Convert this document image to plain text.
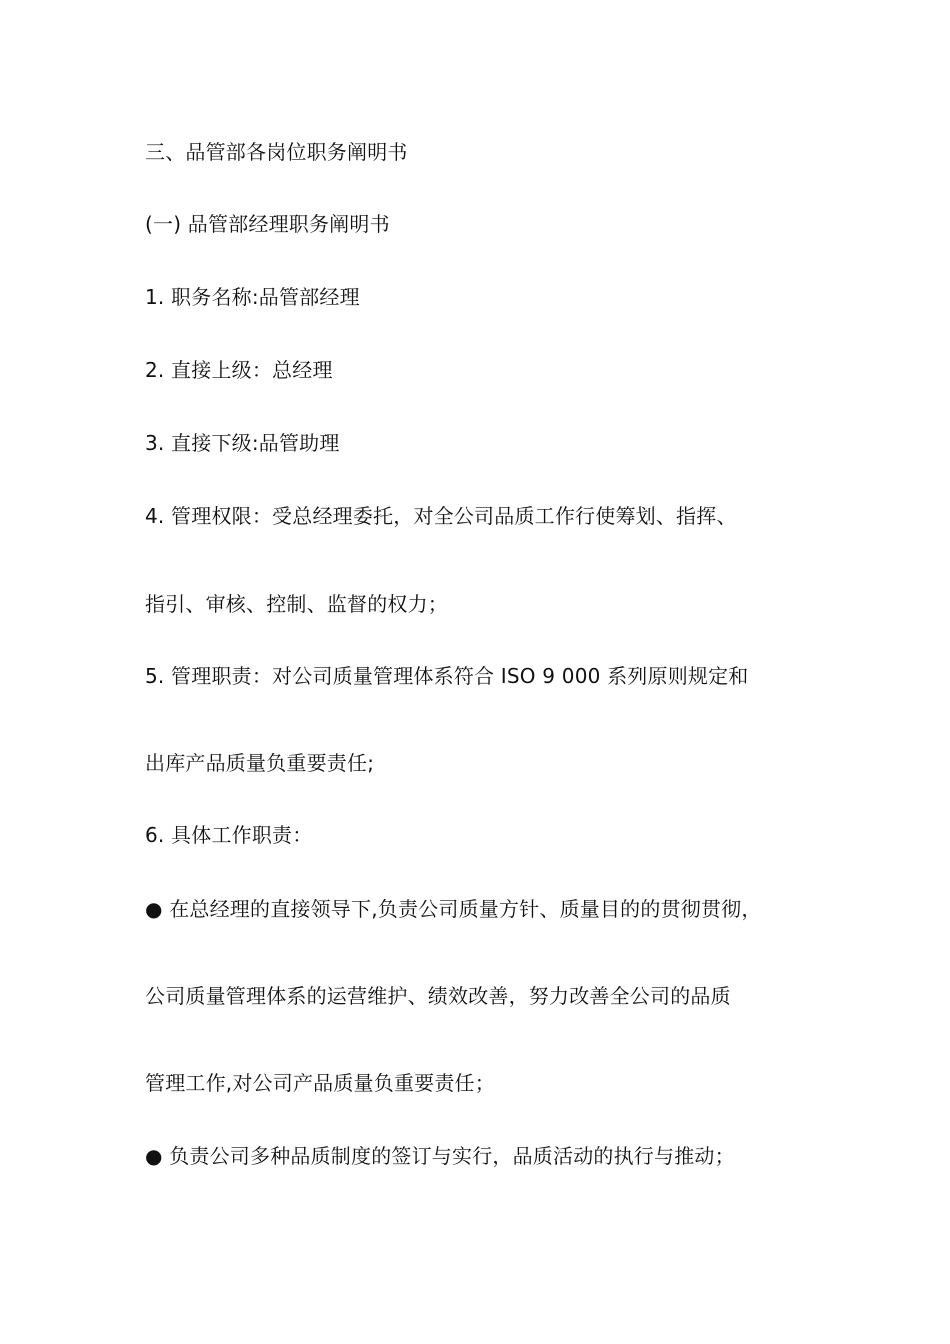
三、品管部各岗位职务阐明书
(一) 品管部经理职务阐明书
1. 职务名称:品管部经理
2. 直接上级：总经理
3. 直接下级:品管助理
4. 管理权限：受总经理委托，对全公司品质工作行使筹划、指挥、
指引、审核、控制、监督的权力；
5. 管理职责：对公司质量管理体系符合 ISO 9 000 系列原则规定和
出库产品质量负重要责任;
6. 具体工作职责：
● 在总经理的直接领导下,负责公司质量方针、质量目的的贯彻贯彻，
公司质量管理体系的运营维护、绩效改善，努力改善全公司的品质
管理工作,对公司产品质量负重要责任；
● 负责公司多种品质制度的签订与实行，品质活动的执行与推动；
